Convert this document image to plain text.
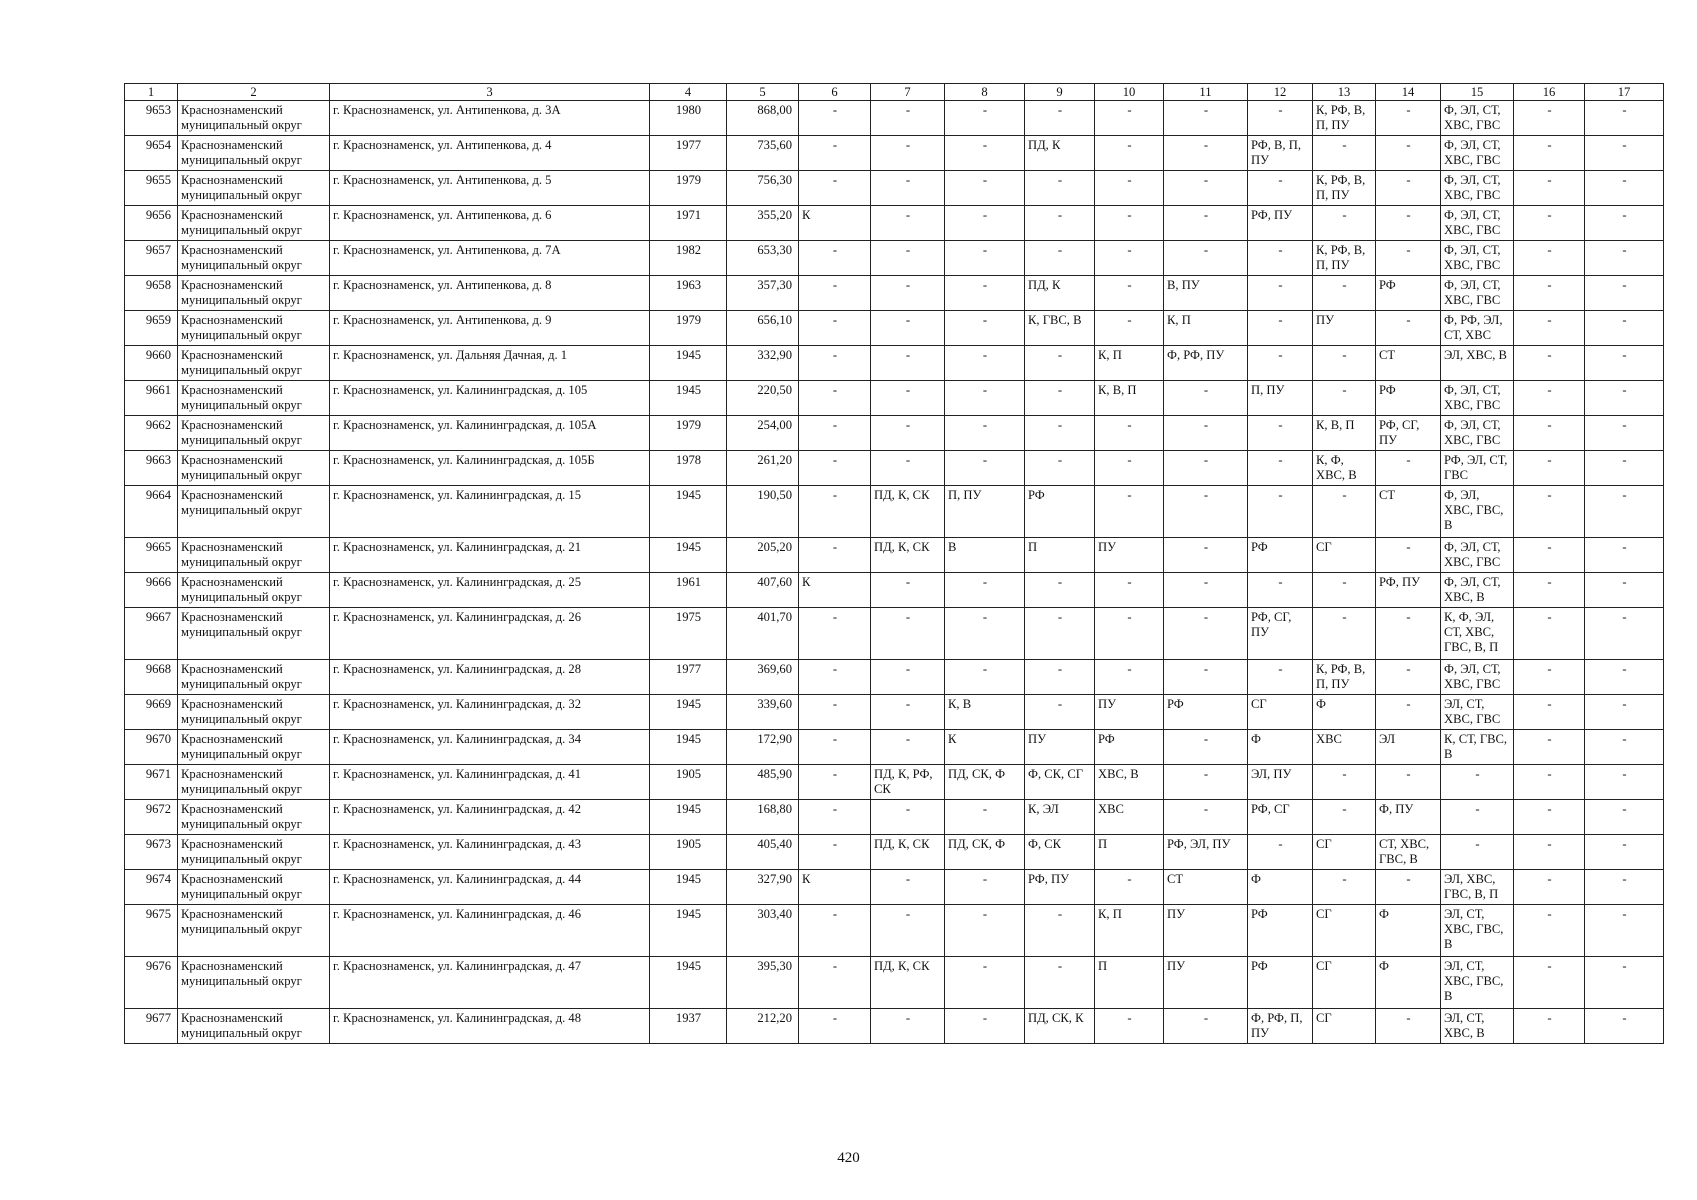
1	2	3	4	5	6	7	8	9	10	11	12	13	14	15	16	17
9653	Краснознаменский муниципальный округ	г. Краснознаменск, ул. Антипенкова, д. 3А	1980	868,00	-	-	-	-	-	-	-	К, РФ, В, П, ПУ	-	Ф, ЭЛ, СТ, ХВС, ГВС	-	-
9654	Краснознаменский муниципальный округ	г. Краснознаменск, ул. Антипенкова, д. 4	1977	735,60	-	-	-	ПД, К	-	-	РФ, В, П, ПУ	-	-	Ф, ЭЛ, СТ, ХВС, ГВС	-	-
9655	Краснознаменский муниципальный округ	г. Краснознаменск, ул. Антипенкова, д. 5	1979	756,30	-	-	-	-	-	-	-	К, РФ, В, П, ПУ	-	Ф, ЭЛ, СТ, ХВС, ГВС	-	-
9656	Краснознаменский муниципальный округ	г. Краснознаменск, ул. Антипенкова, д. 6	1971	355,20	К	-	-	-	-	-	РФ, ПУ	-	-	Ф, ЭЛ, СТ, ХВС, ГВС	-	-
9657	Краснознаменский муниципальный округ	г. Краснознаменск, ул. Антипенкова, д. 7А	1982	653,30	-	-	-	-	-	-	-	К, РФ, В, П, ПУ	-	Ф, ЭЛ, СТ, ХВС, ГВС	-	-
9658	Краснознаменский муниципальный округ	г. Краснознаменск, ул. Антипенкова, д. 8	1963	357,30	-	-	-	ПД, К	-	В, ПУ	-	-	РФ	Ф, ЭЛ, СТ, ХВС, ГВС	-	-
9659	Краснознаменский муниципальный округ	г. Краснознаменск, ул. Антипенкова, д. 9	1979	656,10	-	-	-	К, ГВС, В	-	К, П	-	ПУ	-	Ф, РФ, ЭЛ, СТ, ХВС	-	-
9660	Краснознаменский муниципальный округ	г. Краснознаменск, ул. Дальняя Дачная, д. 1	1945	332,90	-	-	-	-	К, П	Ф, РФ, ПУ	-	-	СТ	ЭЛ, ХВС, В	-	-
9661	Краснознаменский муниципальный округ	г. Краснознаменск, ул. Калининградская, д. 105	1945	220,50	-	-	-	-	К, В, П	-	П, ПУ	-	РФ	Ф, ЭЛ, СТ, ХВС, ГВС	-	-
9662	Краснознаменский муниципальный округ	г. Краснознаменск, ул. Калининградская, д. 105А	1979	254,00	-	-	-	-	-	-	-	К, В, П	РФ, СГ, ПУ	Ф, ЭЛ, СТ, ХВС, ГВС	-	-
9663	Краснознаменский муниципальный округ	г. Краснознаменск, ул. Калининградская, д. 105Б	1978	261,20	-	-	-	-	-	-	-	К, Ф, ХВС, В	-	РФ, ЭЛ, СТ, ГВС	-	-
9664	Краснознаменский муниципальный округ	г. Краснознаменск, ул. Калининградская, д. 15	1945	190,50	-	ПД, К, СК	П, ПУ	РФ	-	-	-	-	СТ	Ф, ЭЛ, ХВС, ГВС, В	-	-
9665	Краснознаменский муниципальный округ	г. Краснознаменск, ул. Калининградская, д. 21	1945	205,20	-	ПД, К, СК	В	П	ПУ	-	РФ	СГ	-	Ф, ЭЛ, СТ, ХВС, ГВС	-	-
9666	Краснознаменский муниципальный округ	г. Краснознаменск, ул. Калининградская, д. 25	1961	407,60	К	-	-	-	-	-	-	-	РФ, ПУ	Ф, ЭЛ, СТ, ХВС, В	-	-
9667	Краснознаменский муниципальный округ	г. Краснознаменск, ул. Калининградская, д. 26	1975	401,70	-	-	-	-	-	-	РФ, СГ, ПУ	-	-	К, Ф, ЭЛ, СТ, ХВС, ГВС, В, П	-	-
9668	Краснознаменский муниципальный округ	г. Краснознаменск, ул. Калининградская, д. 28	1977	369,60	-	-	-	-	-	-	-	К, РФ, В, П, ПУ	-	Ф, ЭЛ, СТ, ХВС, ГВС	-	-
9669	Краснознаменский муниципальный округ	г. Краснознаменск, ул. Калининградская, д. 32	1945	339,60	-	-	К, В	-	ПУ	РФ	СГ	Ф	-	ЭЛ, СТ, ХВС, ГВС	-	-
9670	Краснознаменский муниципальный округ	г. Краснознаменск, ул. Калининградская, д. 34	1945	172,90	-	-	К	ПУ	РФ	-	Ф	ХВС	ЭЛ	К, СТ, ГВС, В	-	-
9671	Краснознаменский муниципальный округ	г. Краснознаменск, ул. Калининградская, д. 41	1905	485,90	-	ПД, К, РФ, СК	ПД, СК, Ф	Ф, СК, СГ	ХВС, В	-	ЭЛ, ПУ	-	-	-	-	-
9672	Краснознаменский муниципальный округ	г. Краснознаменск, ул. Калининградская, д. 42	1945	168,80	-	-	-	К, ЭЛ	ХВС	-	РФ, СГ	-	Ф, ПУ	-	-	-
9673	Краснознаменский муниципальный округ	г. Краснознаменск, ул. Калининградская, д. 43	1905	405,40	-	ПД, К, СК	ПД, СК, Ф	Ф, СК	П	РФ, ЭЛ, ПУ	-	СГ	СТ, ХВС, ГВС, В	-	-	-
9674	Краснознаменский муниципальный округ	г. Краснознаменск, ул. Калининградская, д. 44	1945	327,90	К	-	-	РФ, ПУ	-	СТ	Ф	-	-	ЭЛ, ХВС, ГВС, В, П	-	-
9675	Краснознаменский муниципальный округ	г. Краснознаменск, ул. Калининградская, д. 46	1945	303,40	-	-	-	-	К, П	ПУ	РФ	СГ	Ф	ЭЛ, СТ, ХВС, ГВС, В	-	-
9676	Краснознаменский муниципальный округ	г. Краснознаменск, ул. Калининградская, д. 47	1945	395,30	-	ПД, К, СК	-	-	П	ПУ	РФ	СГ	Ф	ЭЛ, СТ, ХВС, ГВС, В	-	-
9677	Краснознаменский муниципальный округ	г. Краснознаменск, ул. Калининградская, д. 48	1937	212,20	-	-	-	ПД, СК, К	-	-	Ф, РФ, П, ПУ	СГ	-	ЭЛ, СТ, ХВС, В	-	-
420
